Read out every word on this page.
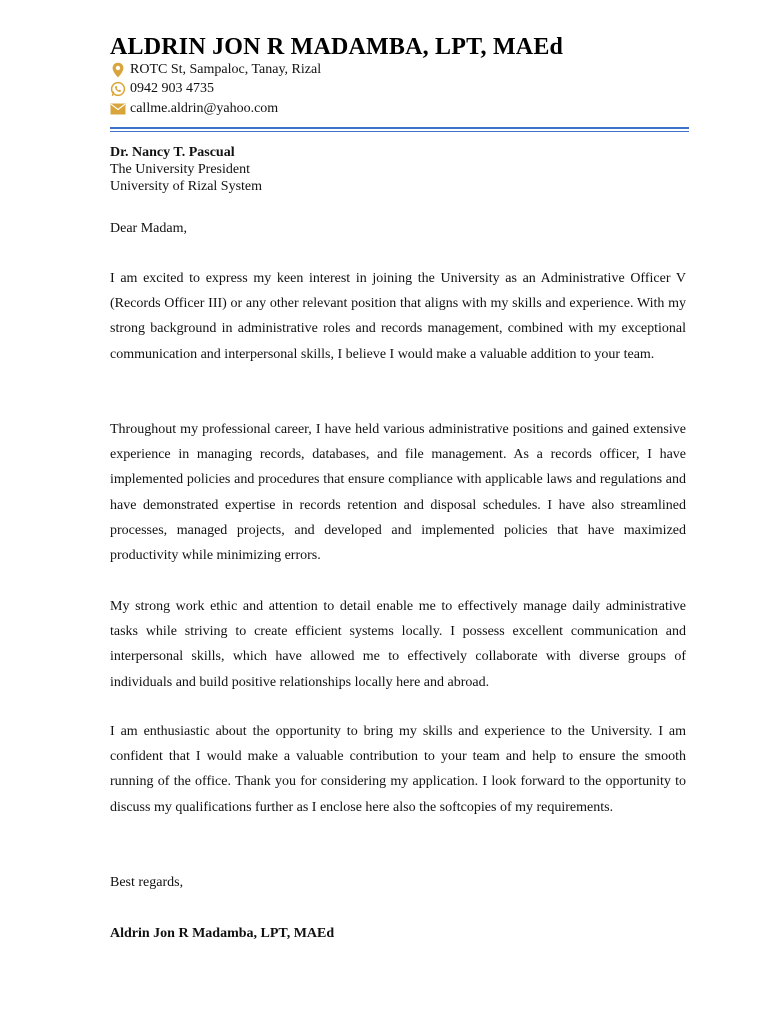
ALDRIN JON R MADAMBA, LPT, MAEd
ROTC St, Sampaloc, Tanay, Rizal
0942 903 4735
callme.aldrin@yahoo.com
Dr. Nancy T. Pascual
The University President
University of Rizal System
Dear Madam,
I am excited to express my keen interest in joining the University as an Administrative Officer V (Records Officer III) or any other relevant position that aligns with my skills and experience. With my strong background in administrative roles and records management, combined with my exceptional communication and interpersonal skills, I believe I would make a valuable addition to your team.
Throughout my professional career, I have held various administrative positions and gained extensive experience in managing records, databases, and file management. As a records officer, I have implemented policies and procedures that ensure compliance with applicable laws and regulations and have demonstrated expertise in records retention and disposal schedules. I have also streamlined processes, managed projects, and developed and implemented policies that have maximized productivity while minimizing errors.
My strong work ethic and attention to detail enable me to effectively manage daily administrative tasks while striving to create efficient systems locally. I possess excellent communication and interpersonal skills, which have allowed me to effectively collaborate with diverse groups of individuals and build positive relationships locally here and abroad.
I am enthusiastic about the opportunity to bring my skills and experience to the University. I am confident that I would make a valuable contribution to your team and help to ensure the smooth running of the office. Thank you for considering my application. I look forward to the opportunity to discuss my qualifications further as I enclose here also the softcopies of my requirements.
Best regards,
Aldrin Jon R Madamba, LPT, MAEd
